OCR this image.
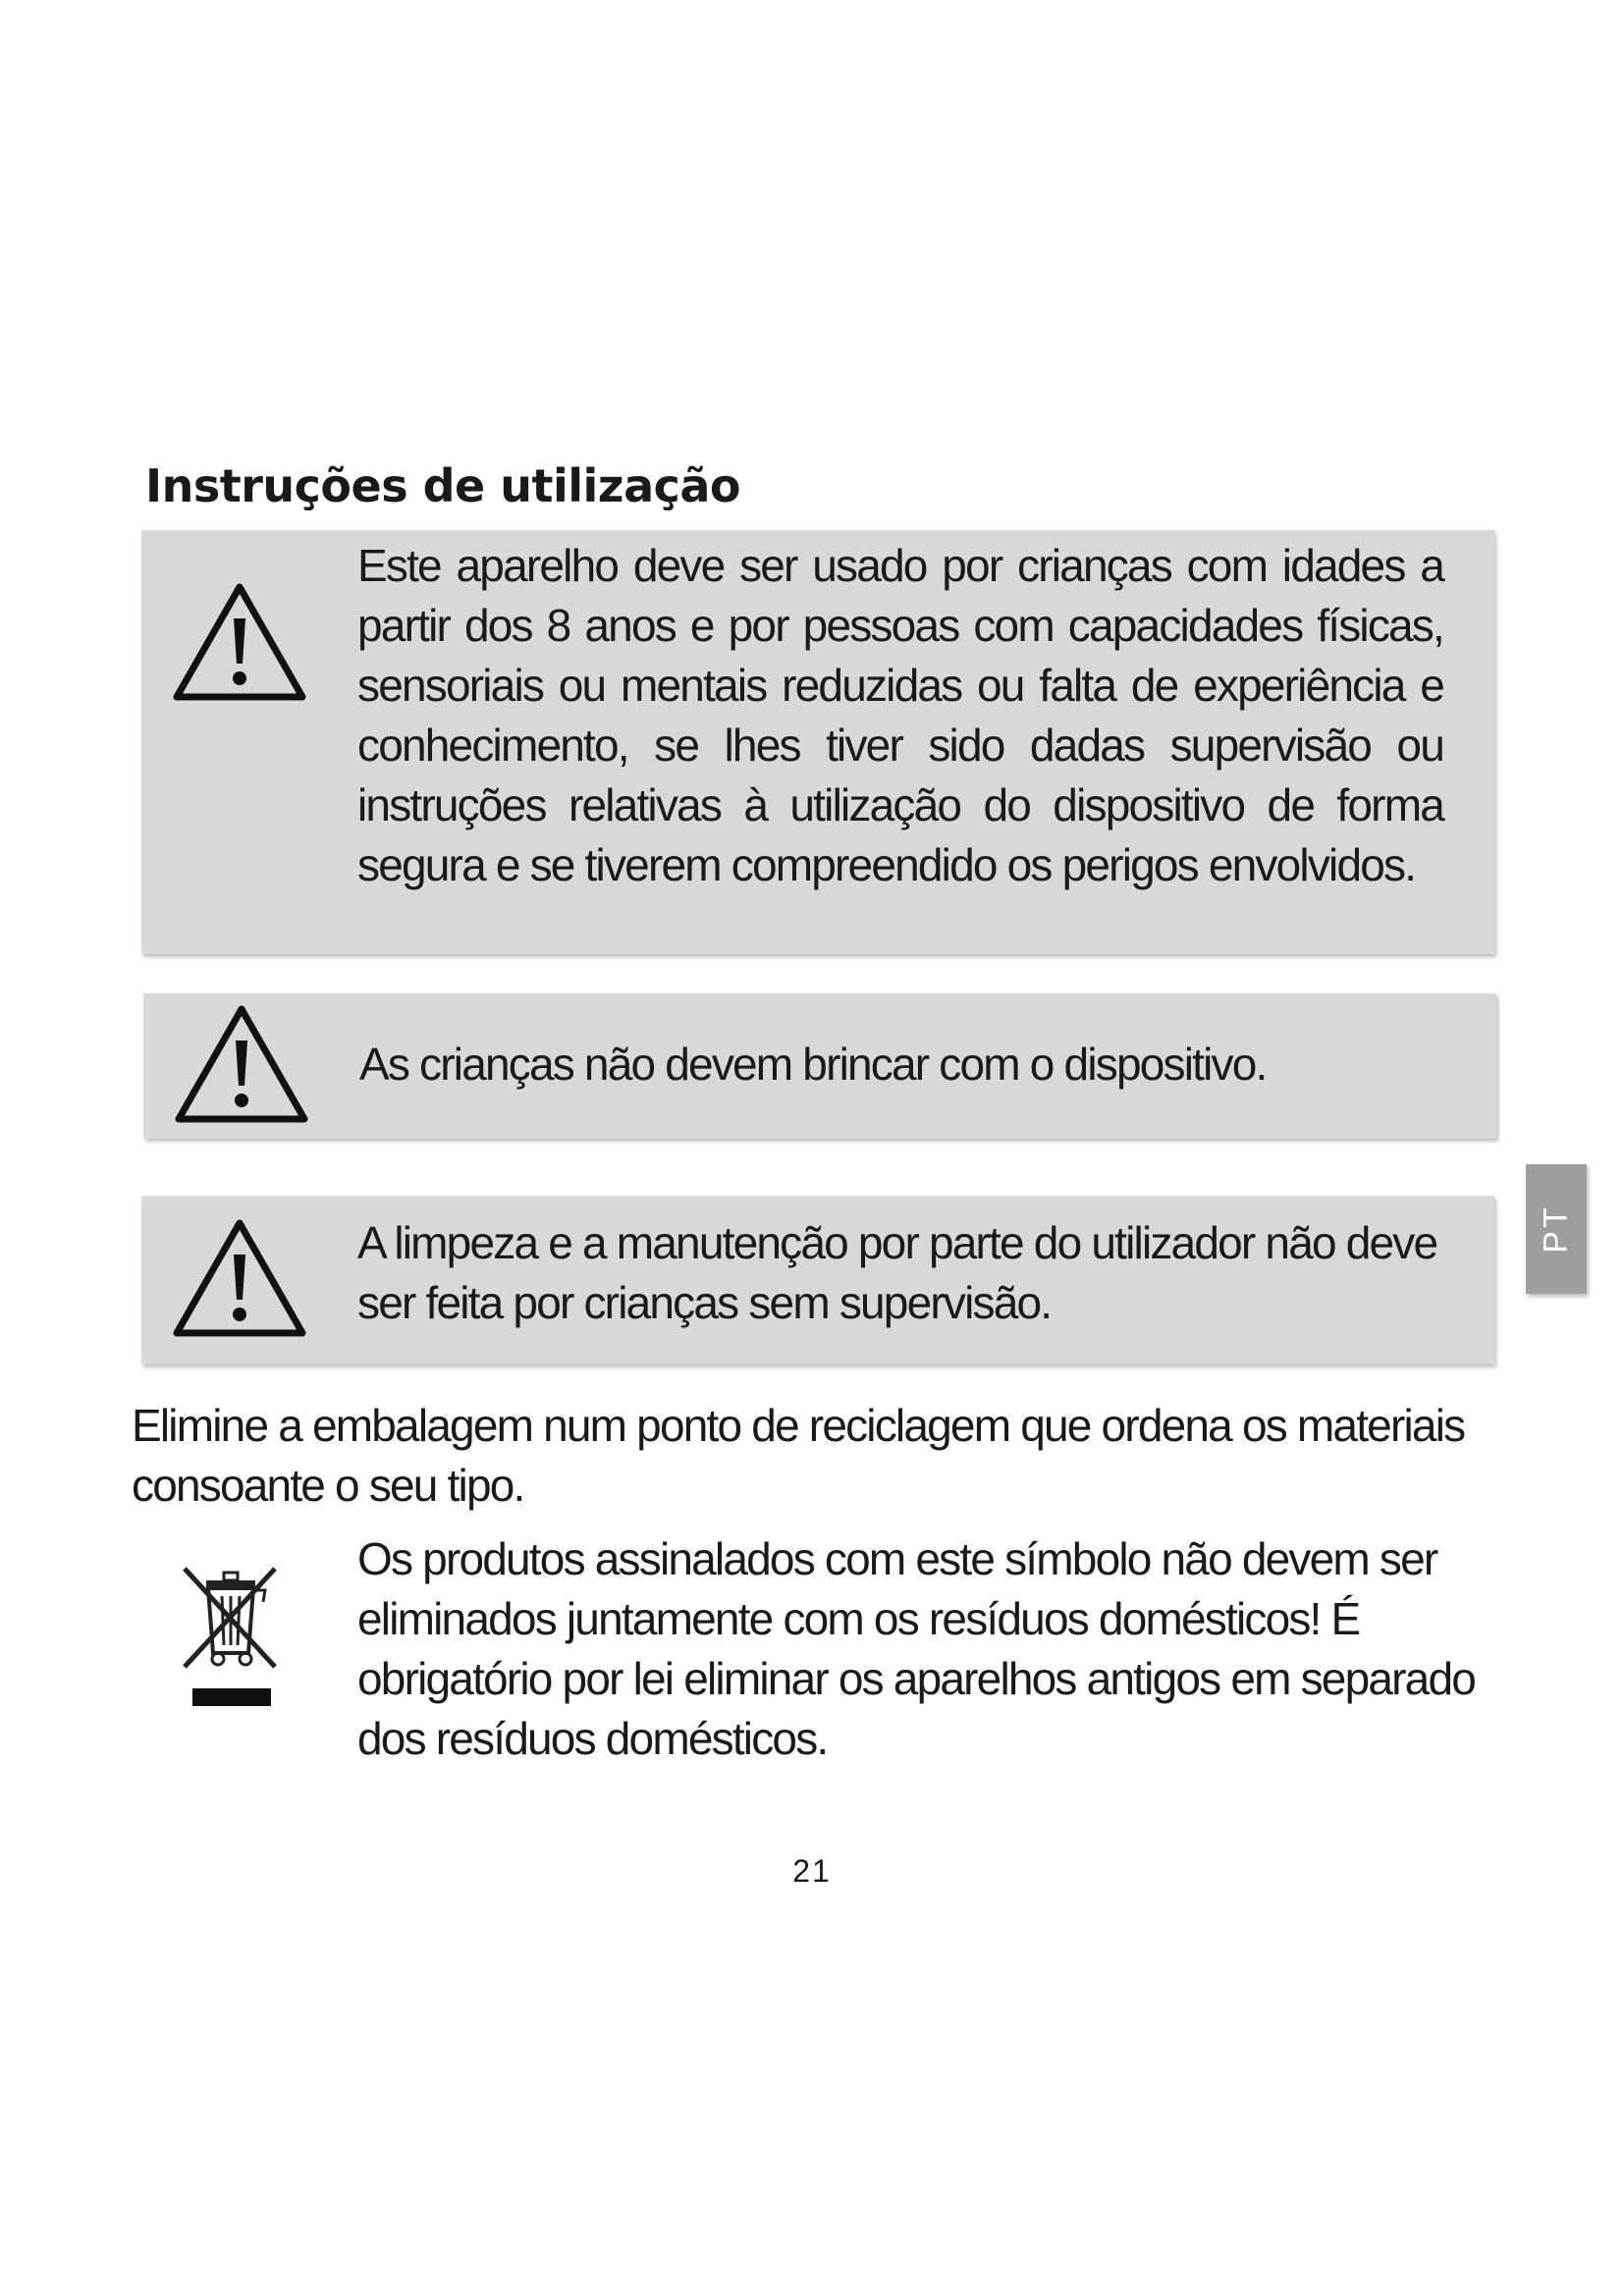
Instruções de utilização

Este aparelho deve ser usado por crianças com idades a partir dos 8 anos e por pessoas com capacidades físicas, sensoriais ou mentais reduzidas ou falta de experiência e conhecimento, se lhes tiver sido dadas supervisão ou instruções relativas à utilização do dispositivo de forma segura e se tiverem compreendido os perigos envolvidos.

As crianças não devem brincar com o dispositivo.

A limpeza e a manutenção por parte do utilizador não deve ser feita por crianças sem supervisão.

PT

Elimine a embalagem num ponto de reciclagem que ordena os materiais consoante o seu tipo.

Os produtos assinalados com este símbolo não devem ser eliminados juntamente com os resíduos domésticos! É obrigatório por lei eliminar os aparelhos antigos em separado dos resíduos domésticos.

21
